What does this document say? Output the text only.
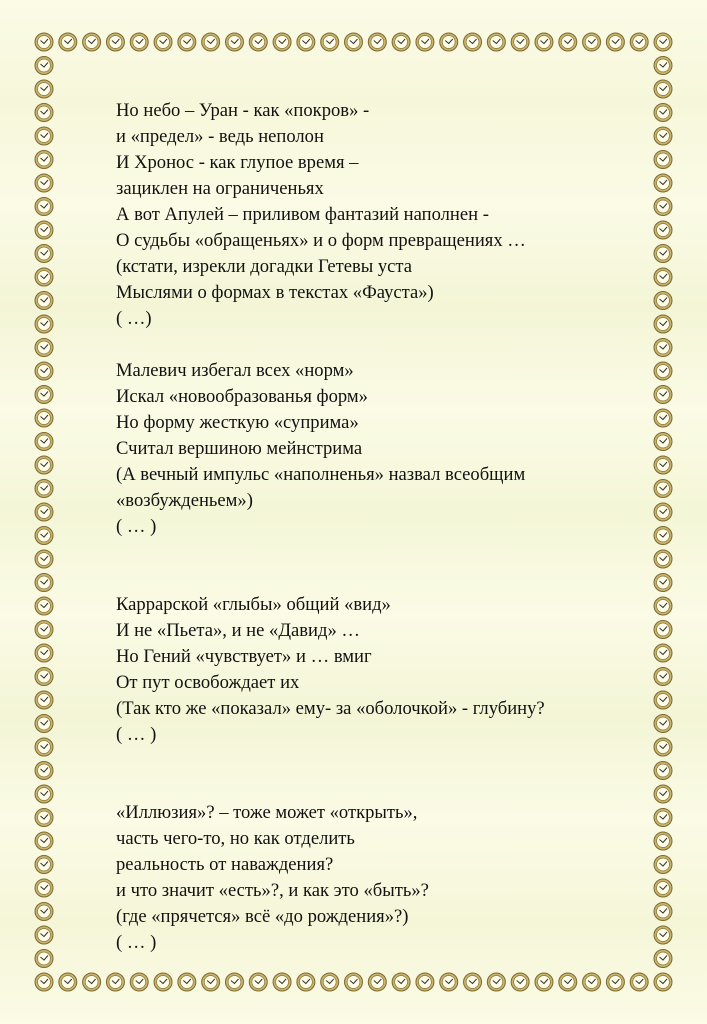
Но небо – Уран - как «покров» -
и «предел» - ведь неполон
И Хронос - как глупое время –
зациклен на ограниченьях
А вот Апулей – приливом фантазий наполнен -
О судьбы «обращеньях» и о форм превращениях …
(кстати, изрекли догадки Гетевы уста
Мыслями о формах в текстах «Фауста»)
( …)
Малевич избегал всех «норм»
Искал «новообразованья форм»
Но форму жесткую «суприма»
Считал вершиною мейнстрима
(А вечный импульс «наполненья» назвал всеобщим
«возбужденьем»)
( … )
Каррарской «глыбы» общий «вид»
И не «Пьета», и не «Давид» …
Но Гений «чувствует» и … вмиг
От пут освобождает их
(Так кто же «показал» ему- за «оболочкой» - глубину?
( … )
«Иллюзия»? – тоже может «открыть»,
часть чего-то, но как отделить
реальность от наваждения?
и что значит «есть»?, и как это «быть»?
(где «прячется» всё «до рождения»?)
( … )
